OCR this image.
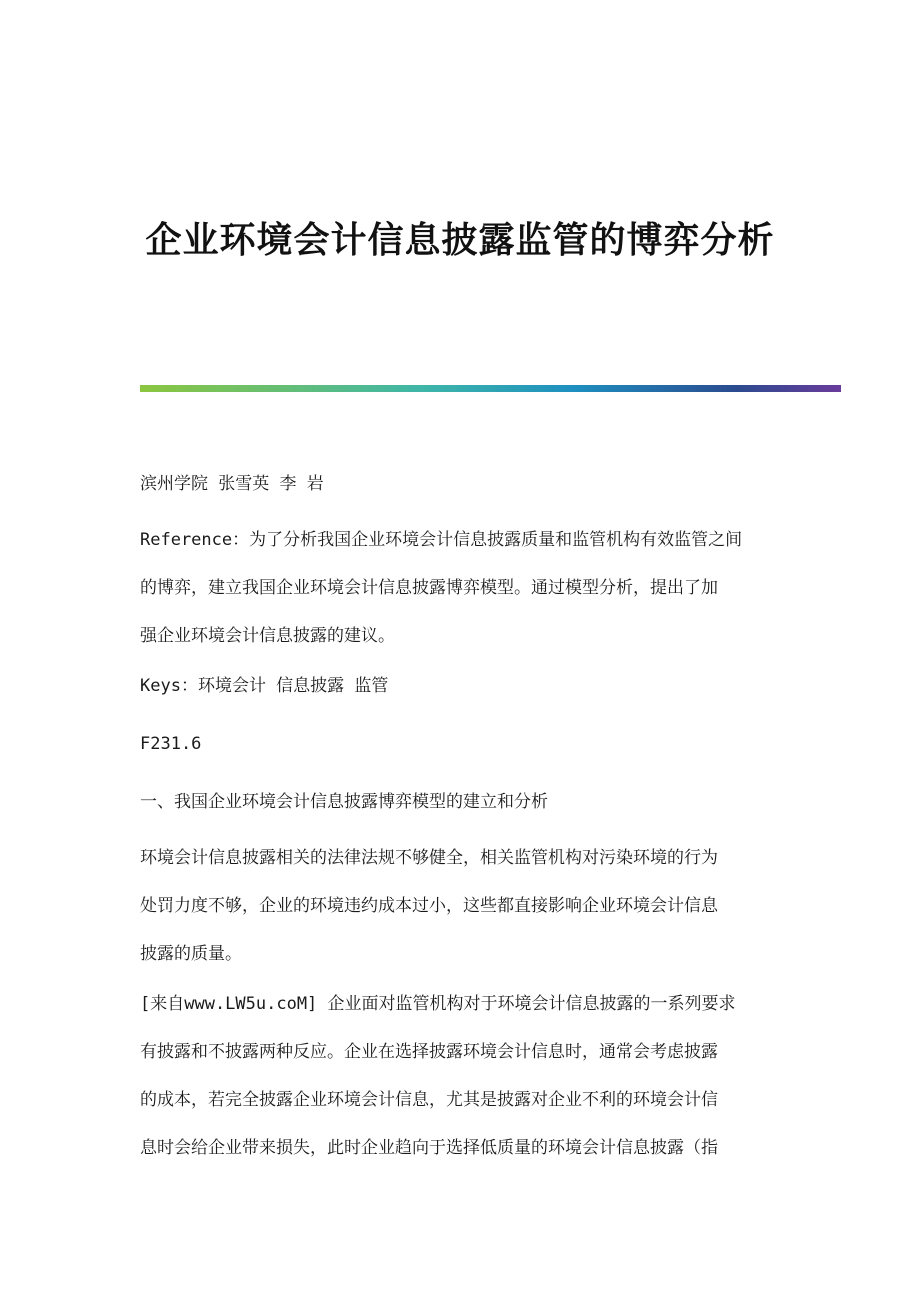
企业环境会计信息披露监管的博弈分析
滨州学院 张雪英 李 岩
Reference：为了分析我国企业环境会计信息披露质量和监管机构有效监管之间
的博弈，建立我国企业环境会计信息披露博弈模型。通过模型分析，提出了加
强企业环境会计信息披露的建议。
Keys：环境会计 信息披露 监管
F231.6
一、我国企业环境会计信息披露博弈模型的建立和分析
环境会计信息披露相关的法律法规不够健全，相关监管机构对污染环境的行为
处罚力度不够，企业的环境违约成本过小，这些都直接影响企业环境会计信息
披露的质量。
[来自www.LW5u.coM] 企业面对监管机构对于环境会计信息披露的一系列要求
有披露和不披露两种反应。企业在选择披露环境会计信息时，通常会考虑披露
的成本，若完全披露企业环境会计信息，尤其是披露对企业不利的环境会计信
息时会给企业带来损失，此时企业趋向于选择低质量的环境会计信息披露（指
